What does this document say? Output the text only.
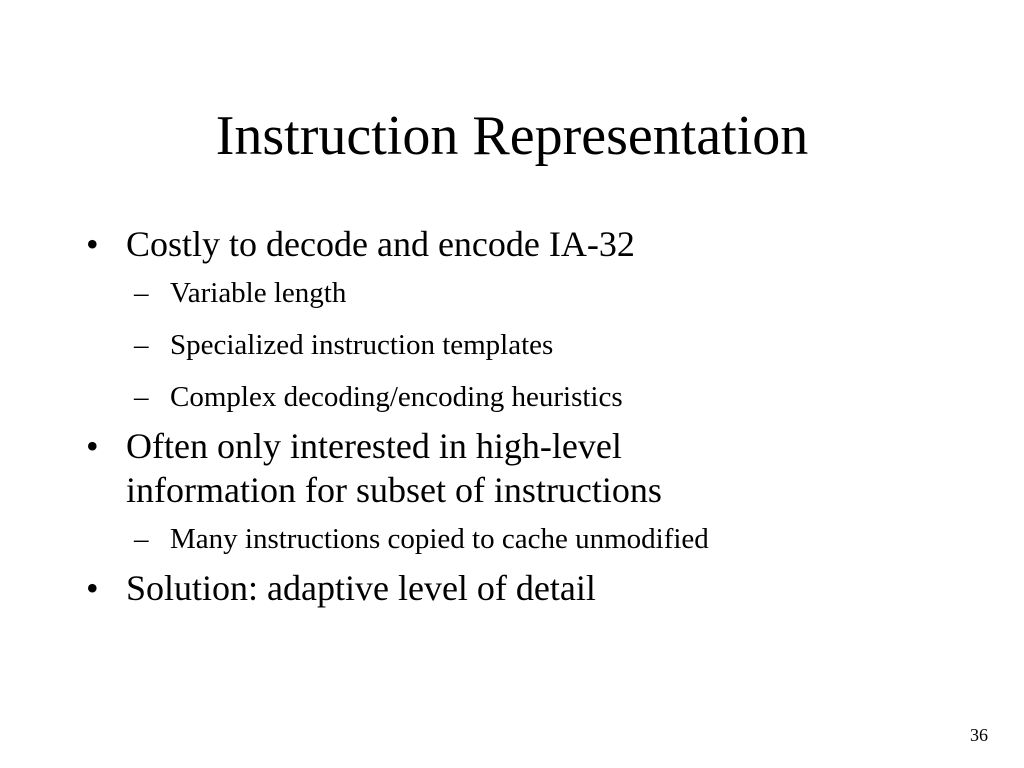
Instruction Representation
• Costly to decode and encode IA-32
– Variable length
– Specialized instruction templates
– Complex decoding/encoding heuristics
• Often only interested in high-level
information for subset of instructions
– Many instructions copied to cache unmodified
• Solution: adaptive level of detail
36
